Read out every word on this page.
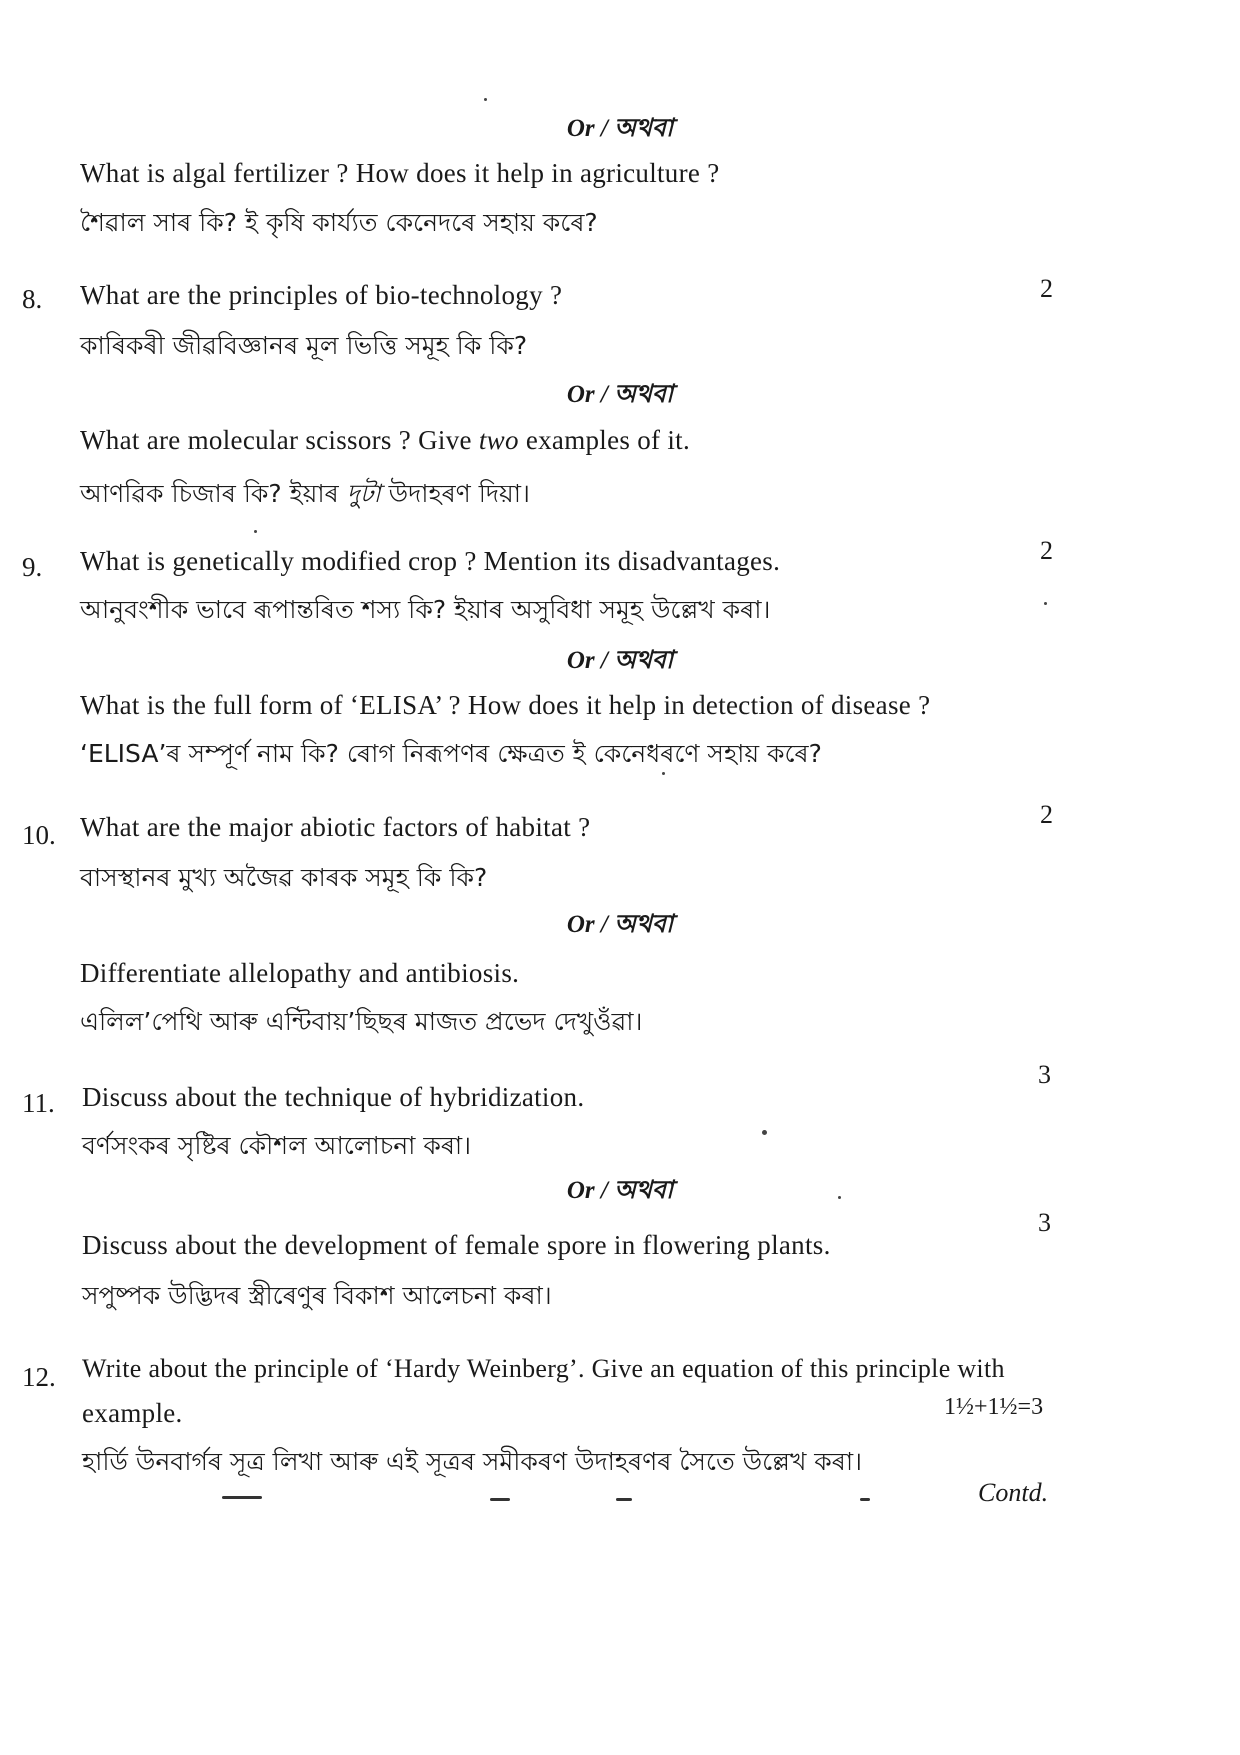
Or / অথবা
What is algal fertilizer ? How does it help in agriculture ?
শৈৱাল সাৰ কি? ই কৃষি কাৰ্য্যত কেনেদৰে সহায় কৰে?
8.	2
What are the principles of bio-technology ?
কাৰিকৰী জীৱবিজ্ঞানৰ মূল ভিত্তি সমূহ কি কি?
Or / অথবা
What are molecular scissors ? Give two examples of it.
আণৱিক চিজাৰ কি? ইয়াৰ দুটা উদাহৰণ দিয়া।
9.
2
What is genetically modified crop ? Mention its disadvantages.
আনুবংশীক ভাবে ৰূপান্তৰিত শস্য কি? ইয়াৰ অসুবিধা সমূহ উল্লেখ কৰা।
Or / অথবা
What is the full form of ‘ELISA’ ? How does it help in detection of disease ?
‘ELISA’ৰ সম্পূৰ্ণ নাম কি? ৰোগ নিৰূপণৰ ক্ষেত্ৰত ই কেনেধৰণে সহায় কৰে?
10.
2
What are the major abiotic factors of habitat ?
বাসস্থানৰ মুখ্য অজৈৱ কাৰক সমূহ কি কি?
Or / অথবা
Differentiate allelopathy and antibiosis.
এলিল’পেথি আৰু এন্টিবায়’ছিছৰ মাজত প্ৰভেদ দেখুওঁৱা।
11.
3
Discuss about the technique of hybridization.
বৰ্ণসংকৰ সৃষ্টিৰ কৌশল আলোচনা কৰা।
Or / অথবা
3
Discuss about the development of female spore in flowering plants.
সপুষ্পক উদ্ভিদৰ স্ত্ৰীৰেণুৰ বিকাশ আলেচনা কৰা।
12. Write about the principle of ‘Hardy Weinberg’. Give an equation of this principle with
1½+1½=3
example.
হাৰ্ডি উনবাৰ্গৰ সূত্ৰ লিখা আৰু এই সূত্ৰৰ সমীকৰণ উদাহৰণৰ সৈতে উল্লেখ কৰা।
Contd.
